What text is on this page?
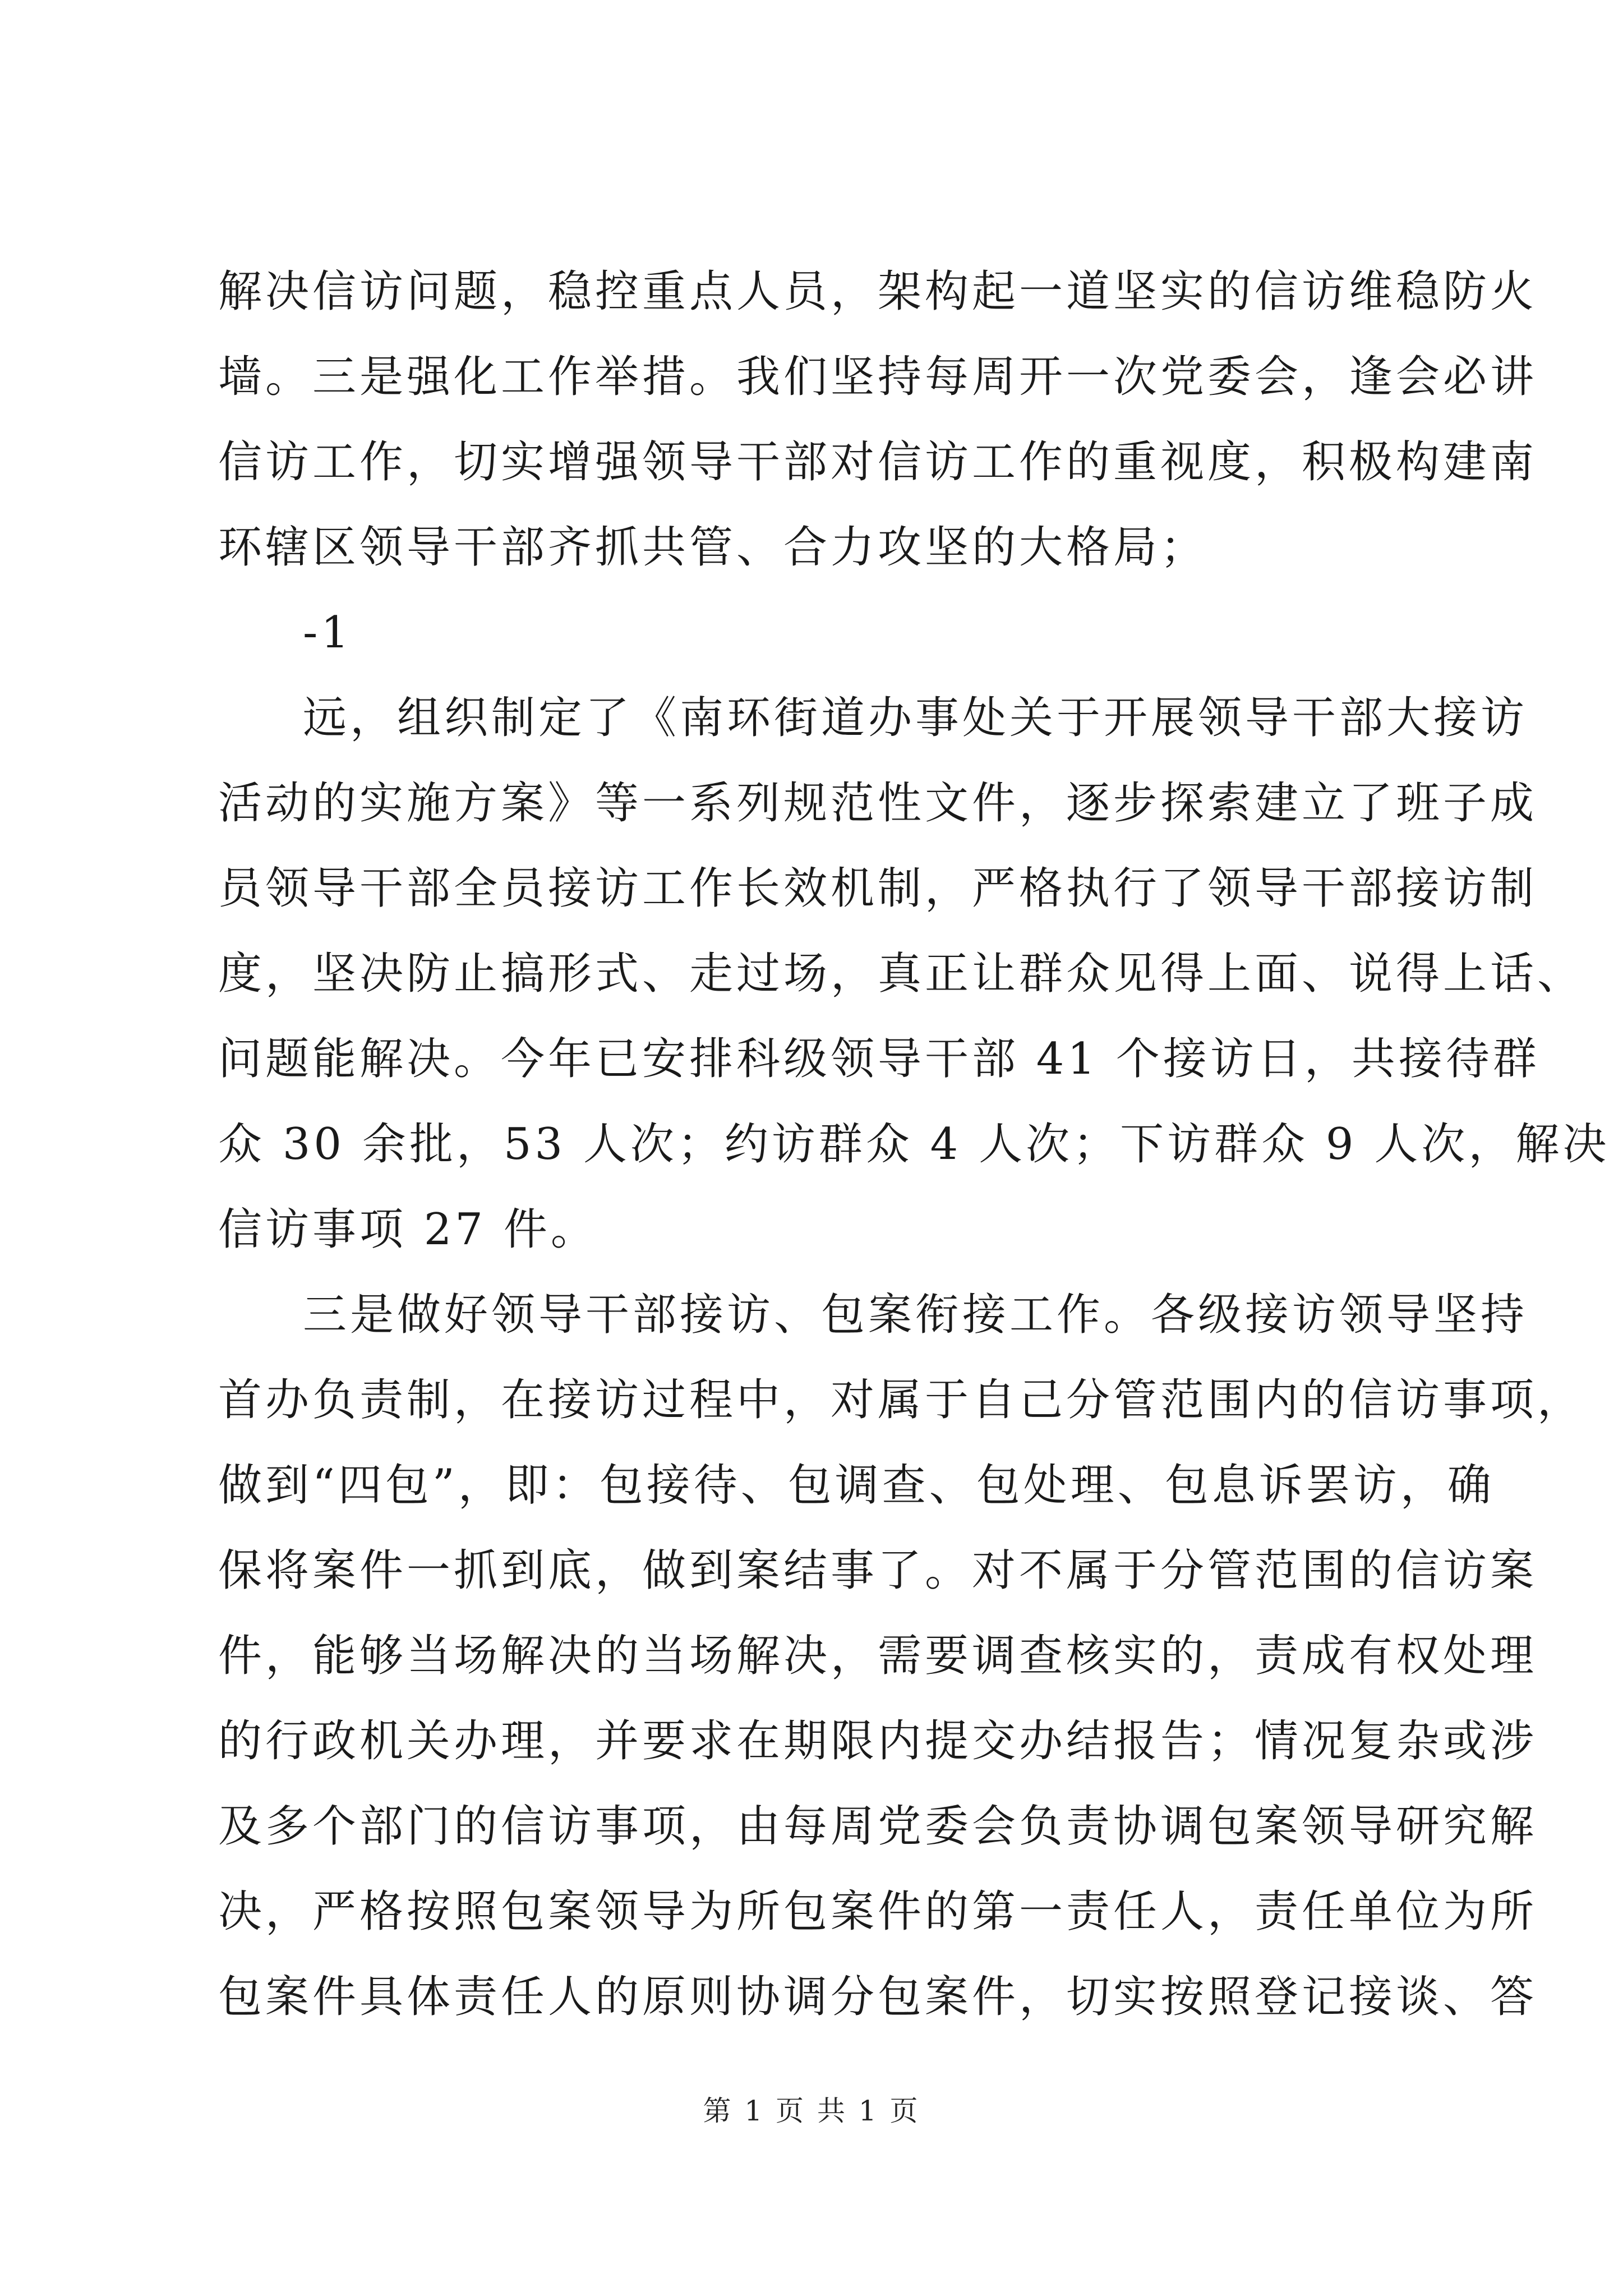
解决信访问题，稳控重点人员，架构起一道坚实的信访维稳防火
墙。三是强化工作举措。我们坚持每周开一次党委会，逢会必讲
信访工作，切实增强领导干部对信访工作的重视度，积极构建南
环辖区领导干部齐抓共管、合力攻坚的大格局；
-1
远，组织制定了《南环街道办事处关于开展领导干部大接访
活动的实施方案》等一系列规范性文件，逐步探索建立了班子成
员领导干部全员接访工作长效机制，严格执行了领导干部接访制
度，坚决防止搞形式、走过场，真正让群众见得上面、说得上话、
问题能解决。今年已安排科级领导干部 41 个接访日，共接待群
众 30 余批，53 人次；约访群众 4 人次；下访群众 9 人次，解决
信访事项 27 件。
三是做好领导干部接访、包案衔接工作。各级接访领导坚持
首办负责制，在接访过程中，对属于自己分管范围内的信访事项，
做到“四包”，即：包接待、包调查、包处理、包息诉罢访，确
保将案件一抓到底，做到案结事了。对不属于分管范围的信访案
件，能够当场解决的当场解决，需要调查核实的，责成有权处理
的行政机关办理，并要求在期限内提交办结报告；情况复杂或涉
及多个部门的信访事项，由每周党委会负责协调包案领导研究解
决，严格按照包案领导为所包案件的第一责任人，责任单位为所
包案件具体责任人的原则协调分包案件，切实按照登记接谈、答
第 1 页 共 1 页
